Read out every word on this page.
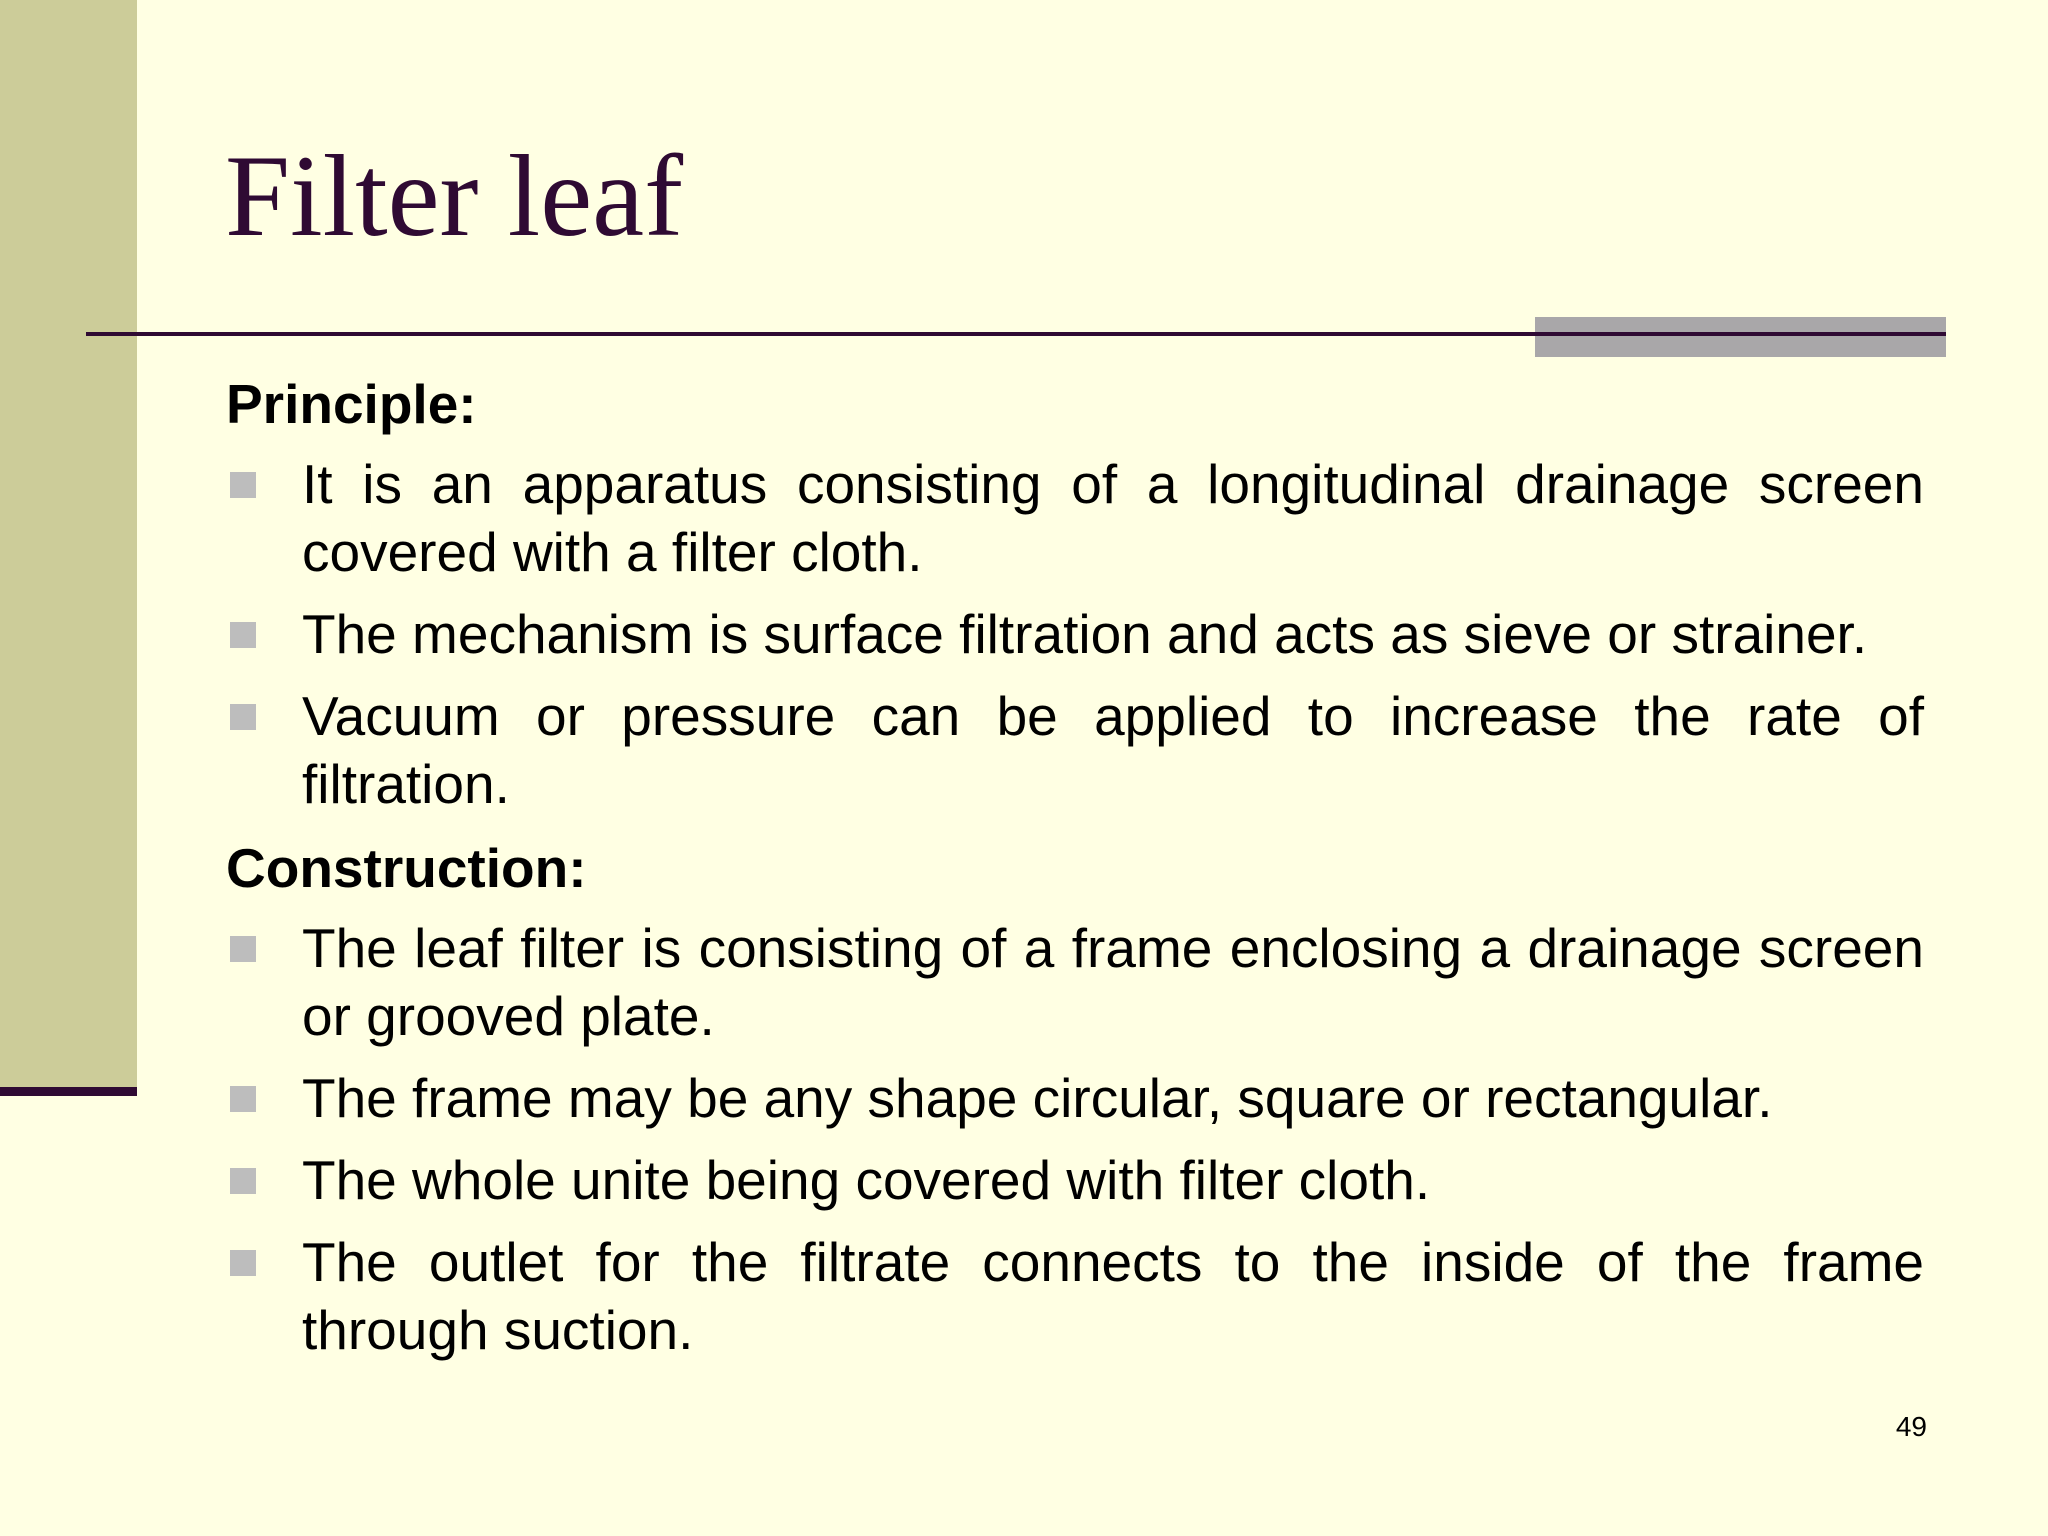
Filter leaf

Principle:

It is an apparatus consisting of a longitudinal drainage screen covered with a filter cloth.
The mechanism is surface filtration and acts as sieve or strainer.
Vacuum or pressure can be applied to increase the rate of filtration.

Construction:

The leaf filter is consisting of a frame enclosing a drainage screen or grooved plate.
The frame may be any shape circular, square or rectangular.
The whole unite being covered with filter cloth.
The outlet for the filtrate connects to the inside of the frame through suction.
49
